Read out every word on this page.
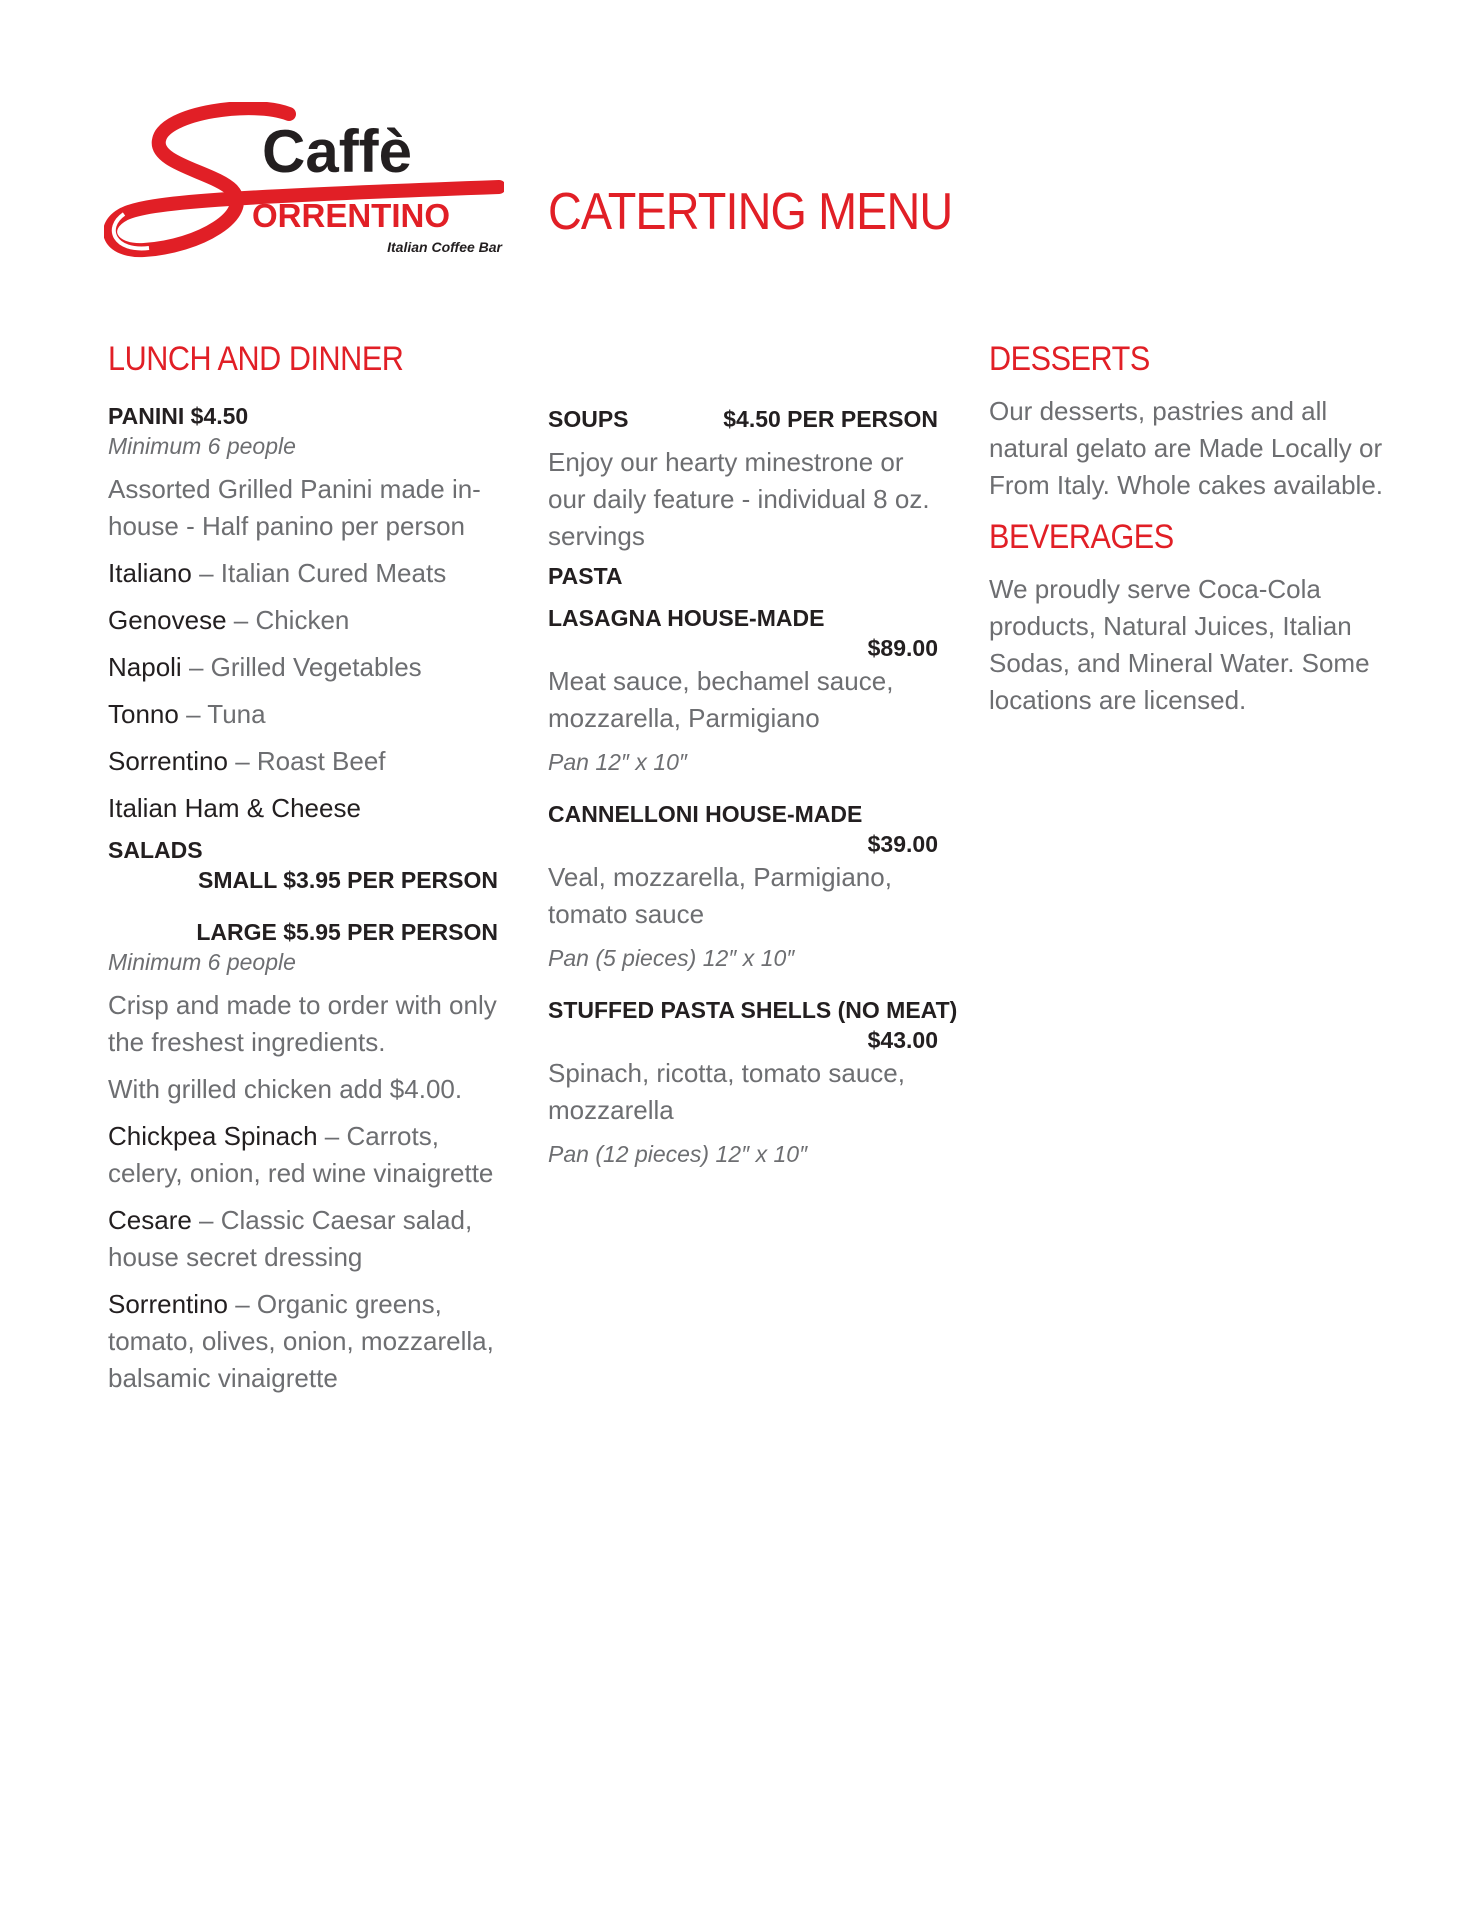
Caffè
ORRENTINO
Italian Coffee Bar
CATERTING MENU
LUNCH AND DINNER
PANINI $4.50
Minimum 6 people
Assorted Grilled Panini made in-house - Half panino per person
Italiano – Italian Cured Meats
Genovese – Chicken
Napoli – Grilled Vegetables
Tonno – Tuna
Sorrentino – Roast Beef
Italian Ham & Cheese
SALADS
SMALL $3.95 PER PERSON
LARGE $5.95 PER PERSON
Minimum 6 people
Crisp and made to order with only the freshest ingredients.
With grilled chicken add $4.00.
Chickpea Spinach – Carrots, celery, onion, red wine vinaigrette
Cesare – Classic Caesar salad, house secret dressing
Sorrentino – Organic greens, tomato, olives, onion, mozzarella, balsamic vinaigrette
SOUPS	$4.50 PER PERSON
Enjoy our hearty minestrone or our daily feature - individual 8 oz. servings
PASTA
LASAGNA HOUSE-MADE
$89.00
Meat sauce, bechamel sauce, mozzarella, Parmigiano
Pan 12″ x 10″
CANNELLONI HOUSE-MADE
$39.00
Veal, mozzarella, Parmigiano, tomato sauce
Pan (5 pieces) 12″ x 10″
STUFFED PASTA SHELLS (NO MEAT)
$43.00
Spinach, ricotta, tomato sauce, mozzarella
Pan (12 pieces) 12″ x 10″
DESSERTS
Our desserts, pastries and all natural gelato are Made Locally or From Italy. Whole cakes available.
BEVERAGES
We proudly serve Coca-Cola products, Natural Juices, Italian Sodas, and Mineral Water. Some locations are licensed.
